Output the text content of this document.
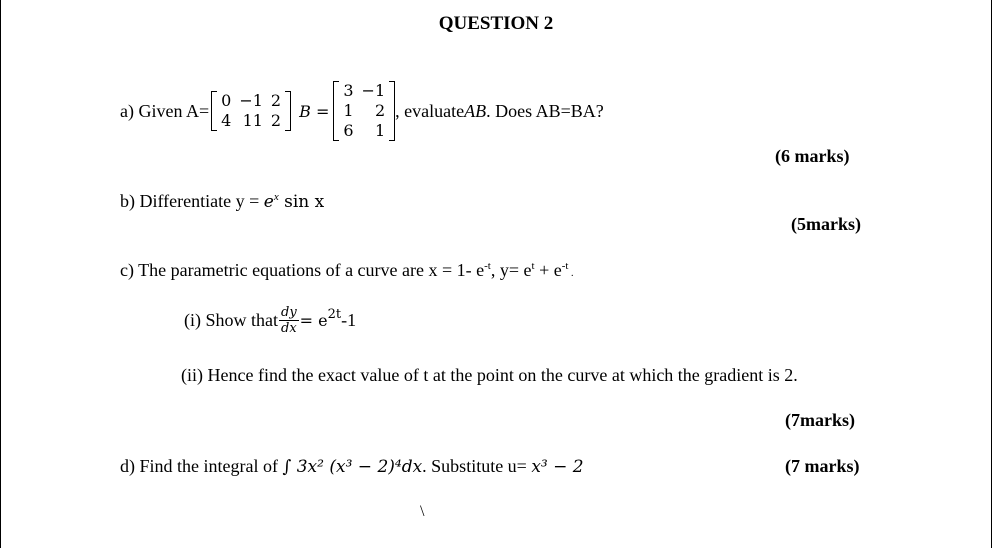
QUESTION 2
a) Given A= 0	−1	2
4	11	2 B =
3	−1
1	2
6	1
, evaluate AB . Does AB=BA?
(6 marks)
b) Differentiate $y = e^x$ sin x
(5marks)
c) The parametric equations of a curve are x = 1- $e^{-t}$, $y= e^t + e^{-t}$ .
(i) Show that $\frac{dy}{dx} = e^{2t}$ -1
(ii) Hence find the exact value of t at the point on the curve at which the gradient is 2.
(7marks)
d) Find the integral of ∫ 3x² (x³ − 2)⁴dx. Substitute u= x³ − 2	(7 marks)
\
